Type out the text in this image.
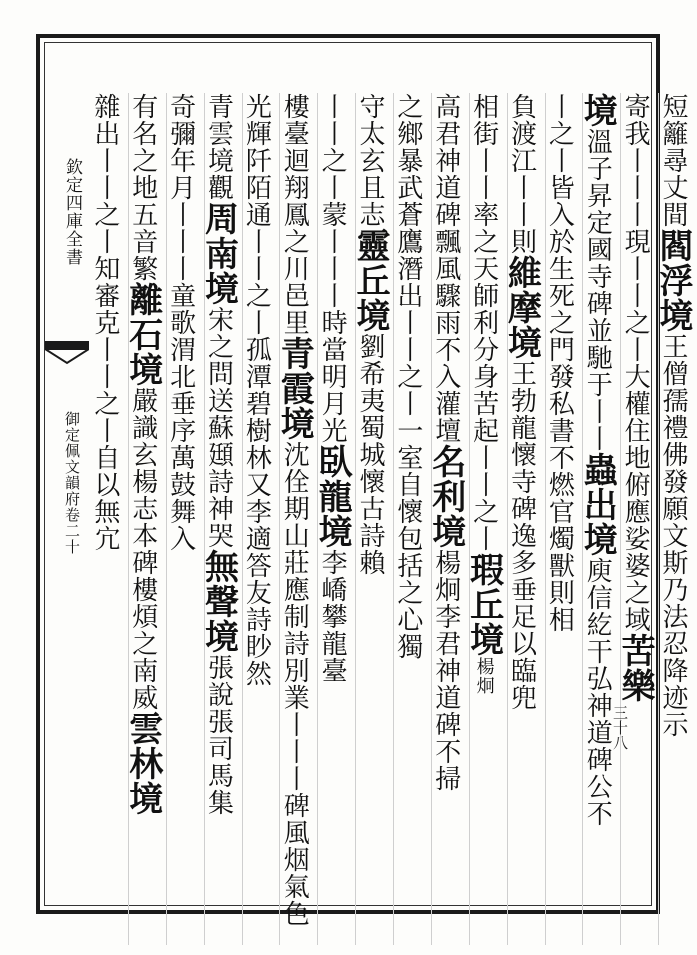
欽定四庫全書
御定佩文韻府卷二十
短籬尋丈間閻浮境王僧孺禮佛發願文斯乃法忍降迹示
寄我丨丨丨現丨丨之丨大權住地俯應娑婆之域苦樂
境溫子昇定國寺碑並馳于丨丨蟲出境庾信紇干弘神道碑公不
丨之丨皆入於生死之門發私書不燃官燭獸則相
負渡江丨丨則維摩境王勃龍懷寺碑逸多垂足以臨兜
相街丨丨率之天師利分身苦起丨丨之丨瑕丘境楊炯
高君神道碑飄風驟雨不入灌壇名利境楊炯李君神道碑不掃
之鄉暴武蒼鷹潛出丨丨之丨一室自懷包括之心獨
守太玄且志靈丘境劉希夷蜀城懷古詩賴
丨丨之丨蒙丨丨丨時當明月光臥龍境李嶠攀龍臺
樓臺迴翔鳳之川邑里青霞境沈佺期山莊應制詩別業丨丨丨碑風烟氣色
光輝阡陌通丨丨之丨孤潭碧樹林又李適答友詩眇然
青雲境觀周南境宋之問送蘇頲詩神哭無聲境張說張司馬集
奇彌年月丨丨丨童歌渭北垂序萬鼓舞入
有名之地五音繁離石境嚴識玄楊志本碑樓煩之南威雲林境
雜出丨丨之丨知審克丨丨之丨自以無宂
三十八
